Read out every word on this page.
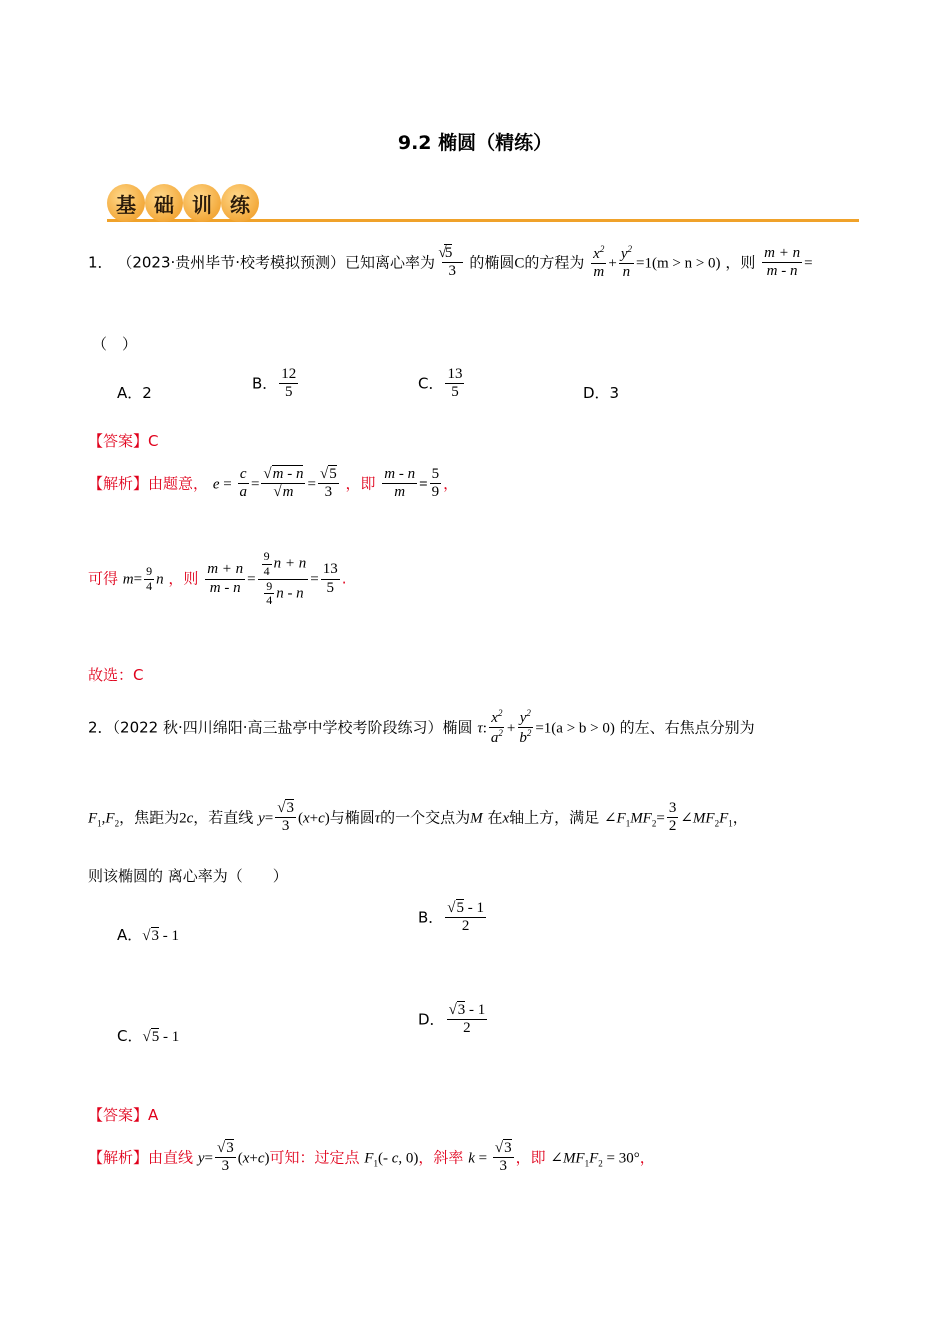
9.2 椭圆（精练）
基 础 训 练
1． （2023·贵州毕节·校考模拟预测）已知离心率为 $\frac{5√}{3}$ 的椭圆C的方程为 $\frac{x^2}{m} + \frac{y^2}{n} =1(m > n > 0)$ ，则 $\frac{m + n}{m - n}$ =
（　）
A．2
B． $\frac{12}{5}$	C． $\frac{13}{5}$	D．3
【答案】C
【解析】由题意， $e = \frac{c}{a} = \frac{√m - n}{√m} = \frac{√5}{3}$ ，即 $\frac{m - n}{m} = \frac{5}{9}$ ，
可得 $m= \frac{9}{4}$ n ，则 $\frac{m + n}{m - n} = \frac{\frac{9}{4} n + n}{\frac{9}{4} n - n} = \frac{13}{5}$ .
故选：C
2．（2022 秋·四川绵阳·高三盐亭中学校考阶段练习）椭圆 τ: $\frac{x^2}{a^2} + \frac{y^2}{b^2} =1(a > b > 0)$ 的左、右焦点分别为
$F_1,F_2$，焦距为2c，若直线 $y= \frac{√3}{3} (x+c)$与椭圆τ的一个交点为M 在x轴上方，满足 $\angle F_1MF_2= \frac{3}{2}$ $\angle MF_2F_1$，
则该椭圆的 离心率为（　　）
A．√3 - 1
B． $\frac{√5 - 1}{2}$
C．√5 - 1
D． $\frac{√3 - 1}{2}$
【答案】A
【解析】由直线 $y= \frac{√3}{3} (x+c)$可知：过定点 $F_1(-$ c, 0)，斜率 $k = \frac{√3}{3}$ ，即 $\angle MF_1F_2 = 30^\circ$，
